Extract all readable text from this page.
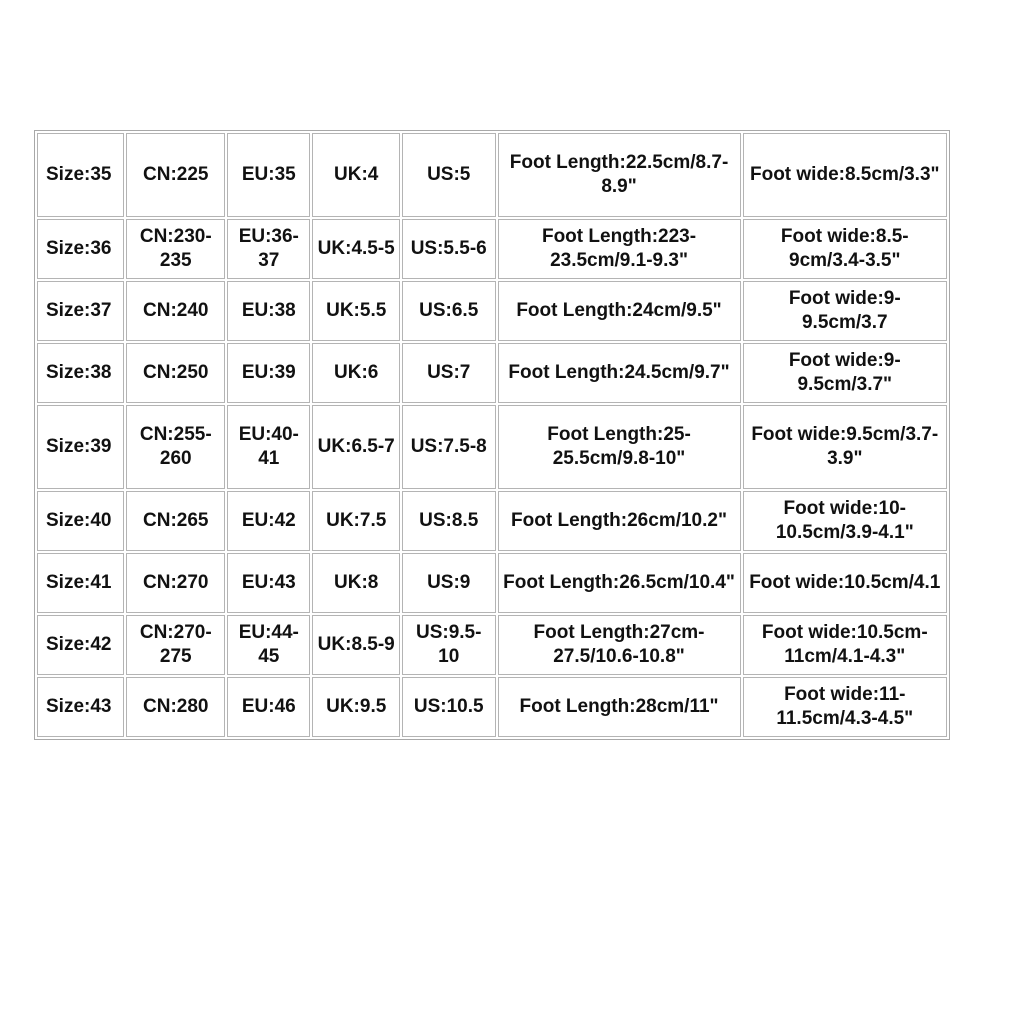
Size:35	CN:225	EU:35	UK:4	US:5	Foot Length:22.5cm/8.7-8.9"	Foot wide:8.5cm/3.3"
Size:36	CN:230-235	EU:36-37	UK:4.5-5	US:5.5-6	Foot Length:223-23.5cm/9.1-9.3"	Foot wide:8.5-9cm/3.4-3.5"
Size:37	CN:240	EU:38	UK:5.5	US:6.5	Foot Length:24cm/9.5"	Foot wide:9-9.5cm/3.7
Size:38	CN:250	EU:39	UK:6	US:7	Foot Length:24.5cm/9.7"	Foot wide:9-9.5cm/3.7"
Size:39	CN:255-260	EU:40-41	UK:6.5-7	US:7.5-8	Foot Length:25-25.5cm/9.8-10"	Foot wide:9.5cm/3.7-3.9"
Size:40	CN:265	EU:42	UK:7.5	US:8.5	Foot Length:26cm/10.2"	Foot wide:10-10.5cm/3.9-4.1"
Size:41	CN:270	EU:43	UK:8	US:9	Foot Length:26.5cm/10.4"	Foot wide:10.5cm/4.1
Size:42	CN:270-275	EU:44-45	UK:8.5-9	US:9.5-10	Foot Length:27cm-27.5/10.6-10.8"	Foot wide:10.5cm-11cm/4.1-4.3"
Size:43	CN:280	EU:46	UK:9.5	US:10.5	Foot Length:28cm/11"	Foot wide:11-11.5cm/4.3-4.5"
